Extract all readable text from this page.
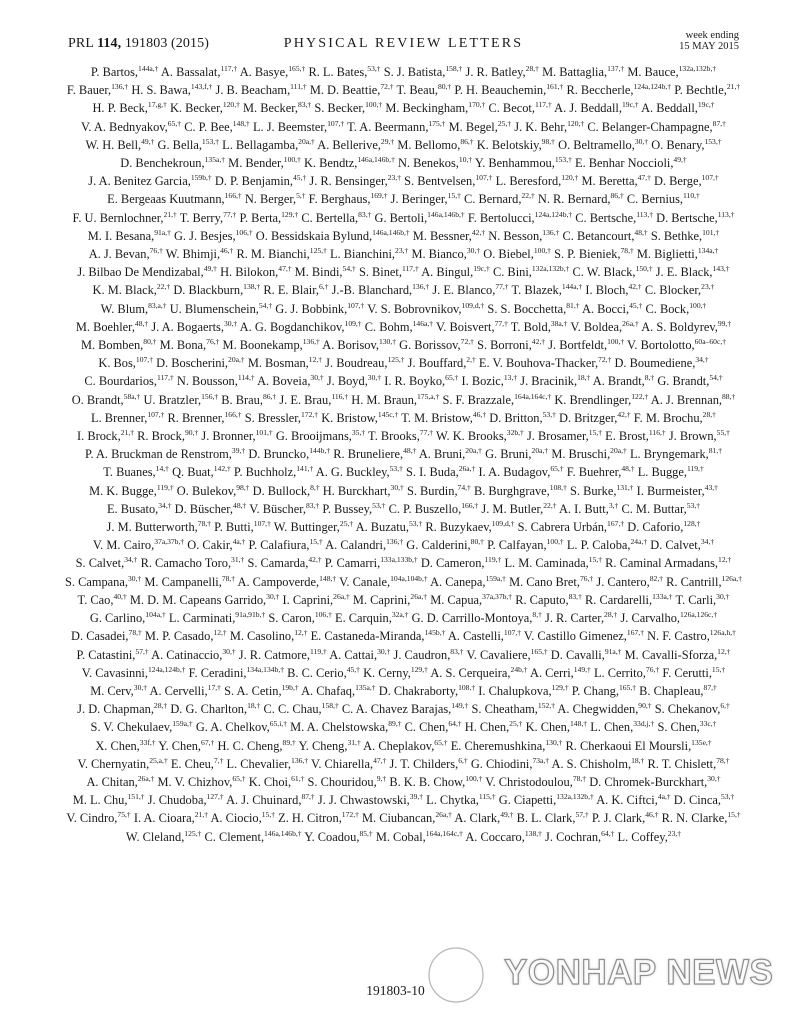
PRL 114, 191803 (2015)	PHYSICAL REVIEW LETTERS
week ending
15 MAY 2015
P. Bartos,$^{144a,\dagger}$ A. Bassalat,$^{117,\dagger}$ A. Basye,$^{165,\dagger}$ R. L. Bates,$^{53,\dagger}$ S. J. Batista,$^{158,\dagger}$ J. R. Batley,$^{28,\dagger}$ M. Battaglia,$^{137,\dagger}$ M. Bauce,$^{132a,132b,\dagger}$ F. Bauer,$^{136,\dagger}$ H. S. Bawa,$^{143,f,\dagger}$ J. B. Beacham,$^{111,\dagger}$ M. D. Beattie,$^{72,\dagger}$ T. Beau,$^{80,\dagger}$ P. H. Beauchemin,$^{161,\dagger}$ R. Beccherle,$^{124a,124b,\dagger}$ P. Bechtle,$^{21,\dagger}$ H. P. Beck,$^{17,g,\dagger}$ K. Becker,$^{120,\dagger}$ M. Becker,$^{83,\dagger}$ S. Becker,$^{100,\dagger}$ M. Beckingham,$^{170,\dagger}$ C. Becot,$^{117,\dagger}$ A. J. Beddall,$^{19c,\dagger}$ A. Beddall,$^{19c,\dagger}$ V. A. Bednyakov,$^{65,\dagger}$ C. P. Bee,$^{148,\dagger}$ L. J. Beemster,$^{107,\dagger}$ T. A. Beermann,$^{175,\dagger}$ M. Begel,$^{25,\dagger}$ J. K. Behr,$^{120,\dagger}$ C. Belanger-Champagne,$^{87,\dagger}$ W. H. Bell,$^{49,\dagger}$ G. Bella,$^{153,\dagger}$ L. Bellagamba,$^{20a,\dagger}$ A. Bellerive,$^{29,\dagger}$ M. Bellomo,$^{86,\dagger}$ K. Belotskiy,$^{98,\dagger}$ O. Beltramello,$^{30,\dagger}$ O. Benary,$^{153,\dagger}$ D. Benchekroun,$^{135a,\dagger}$ M. Bender,$^{100,\dagger}$ K. Bendtz,$^{146a,146b,\dagger}$ N. Benekos,$^{10,\dagger}$ Y. Benhammou,$^{153,\dagger}$ E. Benhar Noccioli,$^{49,\dagger}$ J. A. Benitez Garcia,$^{159b,\dagger}$ D. P. Benjamin,$^{45,\dagger}$ J. R. Bensinger,$^{23,\dagger}$ S. Bentvelsen,$^{107,\dagger}$ L. Beresford,$^{120,\dagger}$ M. Beretta,$^{47,\dagger}$ D. Berge,$^{107,\dagger}$ E. Bergeaas Kuutmann,$^{166,\dagger}$ N. Berger,$^{5,\dagger}$ F. Berghaus,$^{169,\dagger}$ J. Beringer,$^{15,\dagger}$ C. Bernard,$^{22,\dagger}$ N. R. Bernard,$^{86,\dagger}$ C. Bernius,$^{110,\dagger}$ F. U. Bernlochner,$^{21,\dagger}$ T. Berry,$^{77,\dagger}$ P. Berta,$^{129,\dagger}$ C. Bertella,$^{83,\dagger}$ G. Bertoli,$^{146a,146b,\dagger}$ F. Bertolucci,$^{124a,124b,\dagger}$ C. Bertsche,$^{113,\dagger}$ D. Bertsche,$^{113,\dagger}$ M. I. Besana,$^{91a,\dagger}$ G. J. Besjes,$^{106,\dagger}$ O. Bessidskaia Bylund,$^{146a,146b,\dagger}$ M. Bessner,$^{42,\dagger}$ N. Besson,$^{136,\dagger}$ C. Betancourt,$^{48,\dagger}$ S. Bethke,$^{101,\dagger}$ A. J. Bevan,$^{76,\dagger}$ W. Bhimji,$^{46,\dagger}$ R. M. Bianchi,$^{125,\dagger}$ L. Bianchini,$^{23,\dagger}$ M. Bianco,$^{30,\dagger}$ O. Biebel,$^{100,\dagger}$ S. P. Bieniek,$^{78,\dagger}$ M. Biglietti,$^{134a,\dagger}$ J. Bilbao De Mendizabal,$^{49,\dagger}$ H. Bilokon,$^{47,\dagger}$ M. Bindi,$^{54,\dagger}$ S. Binet,$^{117,\dagger}$ A. Bingul,$^{19c,\dagger}$ C. Bini,$^{132a,132b,\dagger}$ C. W. Black,$^{150,\dagger}$ J. E. Black,$^{143,\dagger}$ K. M. Black,$^{22,\dagger}$ D. Blackburn,$^{138,\dagger}$ R. E. Blair,$^{6,\dagger}$ J.-B. Blanchard,$^{136,\dagger}$ J. E. Blanco,$^{77,\dagger}$ T. Blazek,$^{144a,\dagger}$ I. Bloch,$^{42,\dagger}$ C. Blocker,$^{23,\dagger}$ W. Blum,$^{83,a,\dagger}$ U. Blumenschein,$^{54,\dagger}$ G. J. Bobbink,$^{107,\dagger}$ V. S. Bobrovnikov,$^{109,d,\dagger}$ S. S. Bocchetta,$^{81,\dagger}$ A. Bocci,$^{45,\dagger}$ C. Bock,$^{100,\dagger}$ M. Boehler,$^{48,\dagger}$ J. A. Bogaerts,$^{30,\dagger}$ A. G. Bogdanchikov,$^{109,\dagger}$ C. Bohm,$^{146a,\dagger}$ V. Boisvert,$^{77,\dagger}$ T. Bold,$^{38a,\dagger}$ V. Boldea,$^{26a,\dagger}$ A. S. Boldyrev,$^{99,\dagger}$ M. Bomben,$^{80,\dagger}$ M. Bona,$^{76,\dagger}$ M. Boonekamp,$^{136,\dagger}$ A. Borisov,$^{130,\dagger}$ G. Borissov,$^{72,\dagger}$ S. Borroni,$^{42,\dagger}$ J. Bortfeldt,$^{100,\dagger}$ V. Bortolotto,$^{60a-60c,\dagger}$ K. Bos,$^{107,\dagger}$ D. Boscherini,$^{20a,\dagger}$ M. Bosman,$^{12,\dagger}$ J. Boudreau,$^{125,\dagger}$ J. Bouffard,$^{2,\dagger}$ E. V. Bouhova-Thacker,$^{72,\dagger}$ D. Boumediene,$^{34,\dagger}$ C. Bourdarios,$^{117,\dagger}$ N. Bousson,$^{114,\dagger}$ A. Boveia,$^{30,\dagger}$ J. Boyd,$^{30,\dagger}$ I. R. Boyko,$^{65,\dagger}$ I. Bozic,$^{13,\dagger}$ J. Bracinik,$^{18,\dagger}$ A. Brandt,$^{8,\dagger}$ G. Brandt,$^{54,\dagger}$ O. Brandt,$^{58a,\dagger}$ U. Bratzler,$^{156,\dagger}$ B. Brau,$^{86,\dagger}$ J. E. Brau,$^{116,\dagger}$ H. M. Braun,$^{175,a,\dagger}$ S. F. Brazzale,$^{164a,164c,\dagger}$ K. Brendlinger,$^{122,\dagger}$ A. J. Brennan,$^{88,\dagger}$ L. Brenner,$^{107,\dagger}$ R. Brenner,$^{166,\dagger}$ S. Bressler,$^{172,\dagger}$ K. Bristow,$^{145c,\dagger}$ T. M. Bristow,$^{46,\dagger}$ D. Britton,$^{53,\dagger}$ D. Britzger,$^{42,\dagger}$ F. M. Brochu,$^{28,\dagger}$ I. Brock,$^{21,\dagger}$ R. Brock,$^{90,\dagger}$ J. Bronner,$^{101,\dagger}$ G. Brooijmans,$^{35,\dagger}$ T. Brooks,$^{77,\dagger}$ W. K. Brooks,$^{32b,\dagger}$ J. Brosamer,$^{15,\dagger}$ E. Brost,$^{116,\dagger}$ J. Brown,$^{55,\dagger}$ P. A. Bruckman de Renstrom,$^{39,\dagger}$ D. Bruncko,$^{144b,\dagger}$ R. Bruneliere,$^{48,\dagger}$ A. Bruni,$^{20a,\dagger}$ G. Bruni,$^{20a,\dagger}$ M. Bruschi,$^{20a,\dagger}$ L. Bryngemark,$^{81,\dagger}$ T. Buanes,$^{14,\dagger}$ Q. Buat,$^{142,\dagger}$ P. Buchholz,$^{141,\dagger}$ A. G. Buckley,$^{53,\dagger}$ S. I. Buda,$^{26a,\dagger}$ I. A. Budagov,$^{65,\dagger}$ F. Buehrer,$^{48,\dagger}$ L. Bugge,$^{119,\dagger}$ M. K. Bugge,$^{119,\dagger}$ O. Bulekov,$^{98,\dagger}$ D. Bullock,$^{8,\dagger}$ H. Burckhart,$^{30,\dagger}$ S. Burdin,$^{74,\dagger}$ B. Burghgrave,$^{108,\dagger}$ S. Burke,$^{131,\dagger}$ I. Burmeister,$^{43,\dagger}$ E. Busato,$^{34,\dagger}$ D. Büscher,$^{48,\dagger}$ V. Büscher,$^{83,\dagger}$ P. Bussey,$^{53,\dagger}$ C. P. Buszello,$^{166,\dagger}$ J. M. Butler,$^{22,\dagger}$ A. I. Butt,$^{3,\dagger}$ C. M. Buttar,$^{53,\dagger}$ J. M. Butterworth,$^{78,\dagger}$ P. Butti,$^{107,\dagger}$ W. Buttinger,$^{25,\dagger}$ A. Buzatu,$^{53,\dagger}$ R. Buzykaev,$^{109,d,\dagger}$ S. Cabrera Urbán,$^{167,\dagger}$ D. Caforio,$^{128,\dagger}$ V. M. Cairo,$^{37a,37b,\dagger}$ O. Cakir,$^{4a,\dagger}$ P. Calafiura,$^{15,\dagger}$ A. Calandri,$^{136,\dagger}$ G. Calderini,$^{80,\dagger}$ P. Calfayan,$^{100,\dagger}$ L. P. Caloba,$^{24a,\dagger}$ D. Calvet,$^{34,\dagger}$ S. Calvet,$^{34,\dagger}$ R. Camacho Toro,$^{31,\dagger}$ S. Camarda,$^{42,\dagger}$ P. Camarri,$^{133a,133b,\dagger}$ D. Cameron,$^{119,\dagger}$ L. M. Caminada,$^{15,\dagger}$ R. Caminal Armadans,$^{12,\dagger}$ S. Campana,$^{30,\dagger}$ M. Campanelli,$^{78,\dagger}$ A. Campoverde,$^{148,\dagger}$ V. Canale,$^{104a,104b,\dagger}$ A. Canepa,$^{159a,\dagger}$ M. Cano Bret,$^{76,\dagger}$ J. Cantero,$^{82,\dagger}$ R. Cantrill,$^{126a,\dagger}$ T. Cao,$^{40,\dagger}$ M. D. M. Capeans Garrido,$^{30,\dagger}$ I. Caprini,$^{26a,\dagger}$ M. Caprini,$^{26a,\dagger}$ M. Capua,$^{37a,37b,\dagger}$ R. Caputo,$^{83,\dagger}$ R. Cardarelli,$^{133a,\dagger}$ T. Carli,$^{30,\dagger}$ G. Carlino,$^{104a,\dagger}$ L. Carminati,$^{91a,91b,\dagger}$ S. Caron,$^{106,\dagger}$ E. Carquin,$^{32a,\dagger}$ G. D. Carrillo-Montoya,$^{8,\dagger}$ J. R. Carter,$^{28,\dagger}$ J. Carvalho,$^{126a,126c,\dagger}$ D. Casadei,$^{78,\dagger}$ M. P. Casado,$^{12,\dagger}$ M. Casolino,$^{12,\dagger}$ E. Castaneda-Miranda,$^{145b,\dagger}$ A. Castelli,$^{107,\dagger}$ V. Castillo Gimenez,$^{167,\dagger}$ N. F. Castro,$^{126a,h,\dagger}$ P. Catastini,$^{57,\dagger}$ A. Catinaccio,$^{30,\dagger}$ J. R. Catmore,$^{119,\dagger}$ A. Cattai,$^{30,\dagger}$ J. Caudron,$^{83,\dagger}$ V. Cavaliere,$^{165,\dagger}$ D. Cavalli,$^{91a,\dagger}$ M. Cavalli-Sforza,$^{12,\dagger}$ V. Cavasinni,$^{124a,124b,\dagger}$ F. Ceradini,$^{134a,134b,\dagger}$ B. C. Cerio,$^{45,\dagger}$ K. Cerny,$^{129,\dagger}$ A. S. Cerqueira,$^{24b,\dagger}$ A. Cerri,$^{149,\dagger}$ L. Cerrito,$^{76,\dagger}$ F. Cerutti,$^{15,\dagger}$ M. Cerv,$^{30,\dagger}$ A. Cervelli,$^{17,\dagger}$ S. A. Cetin,$^{19b,\dagger}$ A. Chafaq,$^{135a,\dagger}$ D. Chakraborty,$^{108,\dagger}$ I. Chalupkova,$^{129,\dagger}$ P. Chang,$^{165,\dagger}$ B. Chapleau,$^{87,\dagger}$ J. D. Chapman,$^{28,\dagger}$ D. G. Charlton,$^{18,\dagger}$ C. C. Chau,$^{158,\dagger}$ C. A. Chavez Barajas,$^{149,\dagger}$ S. Cheatham,$^{152,\dagger}$ A. Chegwidden,$^{90,\dagger}$ S. Chekanov,$^{6,\dagger}$ S. V. Chekulaev,$^{159a,\dagger}$ G. A. Chelkov,$^{65,i,\dagger}$ M. A. Chelstowska,$^{89,\dagger}$ C. Chen,$^{64,\dagger}$ H. Chen,$^{25,\dagger}$ K. Chen,$^{148,\dagger}$ L. Chen,$^{33d,j,\dagger}$ S. Chen,$^{33c,\dagger}$ X. Chen,$^{33f,\dagger}$ Y. Chen,$^{67,\dagger}$ H. C. Cheng,$^{89,\dagger}$ Y. Cheng,$^{31,\dagger}$ A. Cheplakov,$^{65,\dagger}$ E. Cheremushkina,$^{130,\dagger}$ R. Cherkaoui El Moursli,$^{135e,\dagger}$ V. Chernyatin,$^{25,a,\dagger}$ E. Cheu,$^{7,\dagger}$ L. Chevalier,$^{136,\dagger}$ V. Chiarella,$^{47,\dagger}$ J. T. Childers,$^{6,\dagger}$ G. Chiodini,$^{73a,\dagger}$ A. S. Chisholm,$^{18,\dagger}$ R. T. Chislett,$^{78,\dagger}$ A. Chitan,$^{26a,\dagger}$ M. V. Chizhov,$^{65,\dagger}$ K. Choi,$^{61,\dagger}$ S. Chouridou,$^{9,\dagger}$ B. K. B. Chow,$^{100,\dagger}$ V. Christodoulou,$^{78,\dagger}$ D. Chromek-Burckhart,$^{30,\dagger}$ M. L. Chu,$^{151,\dagger}$ J. Chudoba,$^{127,\dagger}$ A. J. Chuinard,$^{87,\dagger}$ J. J. Chwastowski,$^{39,\dagger}$ L. Chytka,$^{115,\dagger}$ G. Ciapetti,$^{132a,132b,\dagger}$ A. K. Ciftci,$^{4a,\dagger}$ D. Cinca,$^{53,\dagger}$ V. Cindro,$^{75,\dagger}$ I. A. Cioara,$^{21,\dagger}$ A. Ciocio,$^{15,\dagger}$ Z. H. Citron,$^{172,\dagger}$ M. Ciubancan,$^{26a,\dagger}$ A. Clark,$^{49,\dagger}$ B. L. Clark,$^{57,\dagger}$ P. J. Clark,$^{46,\dagger}$ R. N. Clarke,$^{15,\dagger}$ W. Cleland,$^{125,\dagger}$ C. Clement,$^{146a,146b,\dagger}$ Y. Coadou,$^{85,\dagger}$ M. Cobal,$^{164a,164c,\dagger}$ A. Coccaro,$^{138,\dagger}$ J. Cochran,$^{64,\dagger}$ L. Coffey,$^{23,\dagger}$
191803-10	YONHAP NEWS
